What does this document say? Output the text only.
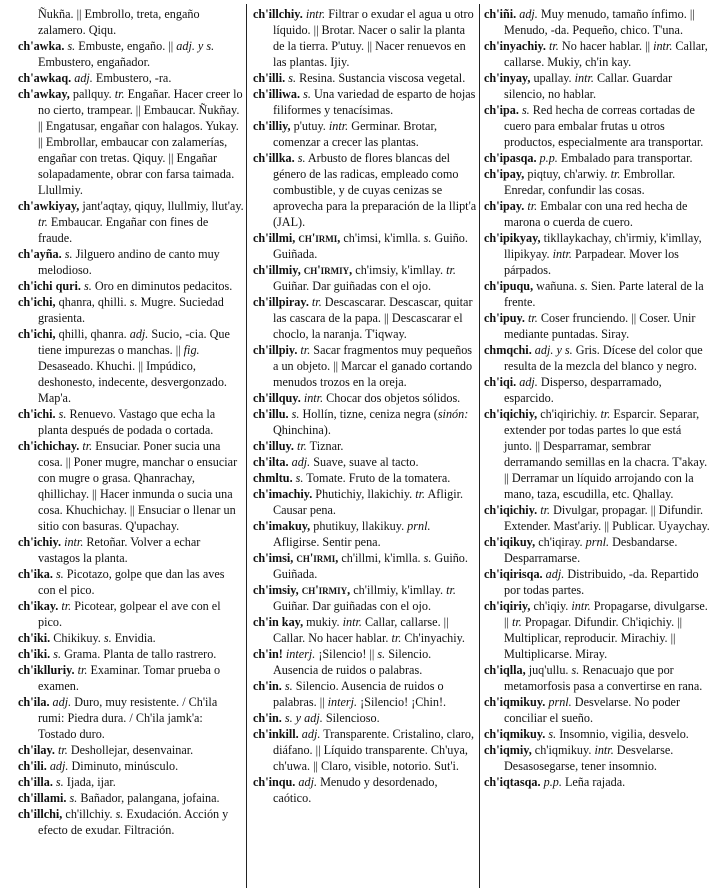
Ñukña. || Embrollo, treta, engaño zalamero. Qiqu.

ch'awka. s. Embuste, engaño. || adj. y s. Embustero, engañador.

ch'awkaq. adj. Embustero, -ra.

ch'awkay, pallquy. tr. Engañar. Hacer creer lo no cierto, trampear. || Embaucar. Ñukñay. || Engatusar, engañar con halagos. Yukay. || Embrollar, embaucar con zalamerías, engañar con tretas. Qiquy. || Engañar solapadamente, obrar con farsa taimada. Llullmiy.

ch'awkiyay, jant'aqtay, qiquy, llullmiy, llut'ay. tr. Embaucar. Engañar con fines de fraude.

ch'ayña. s. Jilguero andino de canto muy melodioso.

ch'ichi quri. s. Oro en diminutos pedacitos.

ch'ichi, qhanra, qhilli. s. Mugre. Suciedad grasienta.

ch'ichi, qhilli, qhanra. adj. Sucio, -cia. Que tiene impurezas o manchas. || fig. Desaseado. Khuchi. || Impúdico, deshonesto, indecente, desvergonzado. Map'a.

ch'ichi. s. Renuevo. Vastago que echa la planta después de podada o cortada.

ch'ichichay. tr. Ensuciar. Poner sucia una cosa. || Poner mugre, manchar o ensuciar con mugre o grasa. Qhanrachay, qhillichay. || Hacer inmunda o sucia una cosa. Khuchichay. || Ensuciar o llenar un sitio con basuras. Q'upachay.

ch'ichiy. intr. Retoñar. Volver a echar vastagos la planta.

ch'ika. s. Picotazo, golpe que dan las aves con el pico.

ch'ikay. tr. Picotear, golpear el ave con el pico.

ch'iki. Chikikuy. s. Envidia.

ch'iki. s. Grama. Planta de tallo rastrero.

ch'iklluriy. tr. Examinar. Tomar prueba o examen.

ch'ila. adj. Duro, muy resistente. / Ch'ila rumi: Piedra dura. / Ch'ila jamk'a: Tostado duro.

ch'ilay. tr. Deshollejar, desenvainar.

ch'ili. adj. Diminuto, minúsculo.

ch'illa. s. Ijada, ijar.

ch'illami. s. Bañador, palangana, jofaina.

ch'illchi, ch'illchiy. s. Exudación. Acción y efecto de exudar. Filtración.

ch'illchiy. intr. Filtrar o exudar el agua u otro líquido. || Brotar. Nacer o salir la planta de la tierra. P'utuy. || Nacer renuevos en las plantas. Ijiy.

ch'illi. s. Resina. Sustancia viscosa vegetal.

ch'illiwa. s. Una variedad de esparto de hojas filiformes y tenacísimas.

ch'illiy, p'utuy. intr. Germinar. Brotar, comenzar a crecer las plantas.

ch'illka. s. Arbusto de flores blancas del género de las radicas, empleado como combustible, y de cuyas cenizas se aprovecha para la preparación de la llipt'a (JAL).

ch'illmi, ch'irmi, ch'imsi, k'imlla. s. Guiño. Guiñada.

ch'illmiy, ch'irmiy, ch'imsiy, k'imllay. tr. Guiñar. Dar guiñadas con el ojo.

ch'illpiray. tr. Descascarar. Descascar, quitar las cascara de la papa. || Descascarar el choclo, la naranja. T'iqway.

ch'illpiy. tr. Sacar fragmentos muy pequeños a un objeto. || Marcar el ganado cortando menudos trozos en la oreja.

ch'illquy. intr. Chocar dos objetos sólidos.

ch'illu. s. Hollín, tizne, ceniza negra (sinón: Qhinchina).

ch'illuy. tr. Tiznar.

ch'ilta. adj. Suave, suave al tacto.

chmltu. s. Tomate. Fruto de la tomatera.

ch'imachiy. Phutichiy, llakichiy. tr. Afligir. Causar pena.

ch'imakuy, phutikuy, llakikuy. prnl. Afligirse. Sentir pena.

ch'imsi, ch'irmi, ch'illmi, k'imlla. s. Guiño. Guiñada.

ch'imsiy, ch'irmiy, ch'illmiy, k'imllay. tr. Guiñar. Dar guiñadas con el ojo.

ch'in kay, mukiy. intr. Callar, callarse. || Callar. No hacer hablar. tr. Ch'inyachiy.

ch'in! interj. ¡Silencio! || s. Silencio. Ausencia de ruidos o palabras.

ch'in. s. Silencio. Ausencia de ruidos o palabras. || interj. ¡Silencio! ¡Chin!.

ch'in. s. y adj. Silencioso.

ch'inkill. adj. Transparente. Cristalino, claro, diáfano. || Líquido transparente. Ch'uya, ch'uwa. || Claro, visible, notorio. Sut'i.

ch'inqu. adj. Menudo y desordenado, caótico.

ch'iñi. adj. Muy menudo, tamaño ínfimo. || Menudo, -da. Pequeño, chico. T'una.

ch'inyachiy. tr. No hacer hablar. || intr. Callar, callarse. Mukiy, ch'in kay.

ch'inyay, upallay. intr. Callar. Guardar silencio, no hablar.

ch'ipa. s. Red hecha de correas cortadas de cuero para embalar frutas u otros productos, especialmente ara transportar.

ch'ipasqa. p.p. Embalado para transportar.

ch'ipay, piqtuy, ch'arwiy. tr. Embrollar. Enredar, confundir las cosas.

ch'ipay. tr. Embalar con una red hecha de marona o cuerda de cuero.

ch'ipikyay, tikllaykachay, ch'irmiy, k'imllay, llipikyay. intr. Parpadear. Mover los párpados.

ch'ipuqu, wañuna. s. Sien. Parte lateral de la frente.

ch'ipuy. tr. Coser frunciendo. || Coser. Unir mediante puntadas. Siray.

chmqchi. adj. y s. Gris. Dícese del color que resulta de la mezcla del blanco y negro.

ch'iqi. adj. Disperso, desparramado, esparcido.

ch'iqichiy, ch'iqirichiy. tr. Esparcir. Separar, extender por todas partes lo que está junto. || Desparramar, sembrar derramando semillas en la chacra. T'akay. || Derramar un líquido arrojando con la mano, taza, escudilla, etc. Qhallay.

ch'iqichiy. tr. Divulgar, propagar. || Difundir. Extender. Mast'ariy. || Publicar. Uyaychay.

ch'iqikuy, ch'iqiray. prnl. Desbandarse. Desparramarse.

ch'iqirisqa. adj. Distribuido, -da. Repartido por todas partes.

ch'iqiriy, ch'iqiy. intr. Propagarse, divulgarse. || tr. Propagar. Difundir. Ch'iqichiy. || Multiplicar, reproducir. Mirachiy. || Multiplicarse. Miray.

ch'iqlla, juq'ullu. s. Renacuajo que por metamorfosis pasa a convertirse en rana.

ch'iqmikuy. prnl. Desvelarse. No poder conciliar el sueño.

ch'iqmikuy. s. Insomnio, vigilia, desvelo.

ch'iqmiy, ch'iqmikuy. intr. Desvelarse. Desasosegarse, tener insomnio.

ch'iqtasqa. p.p. Leña rajada.
